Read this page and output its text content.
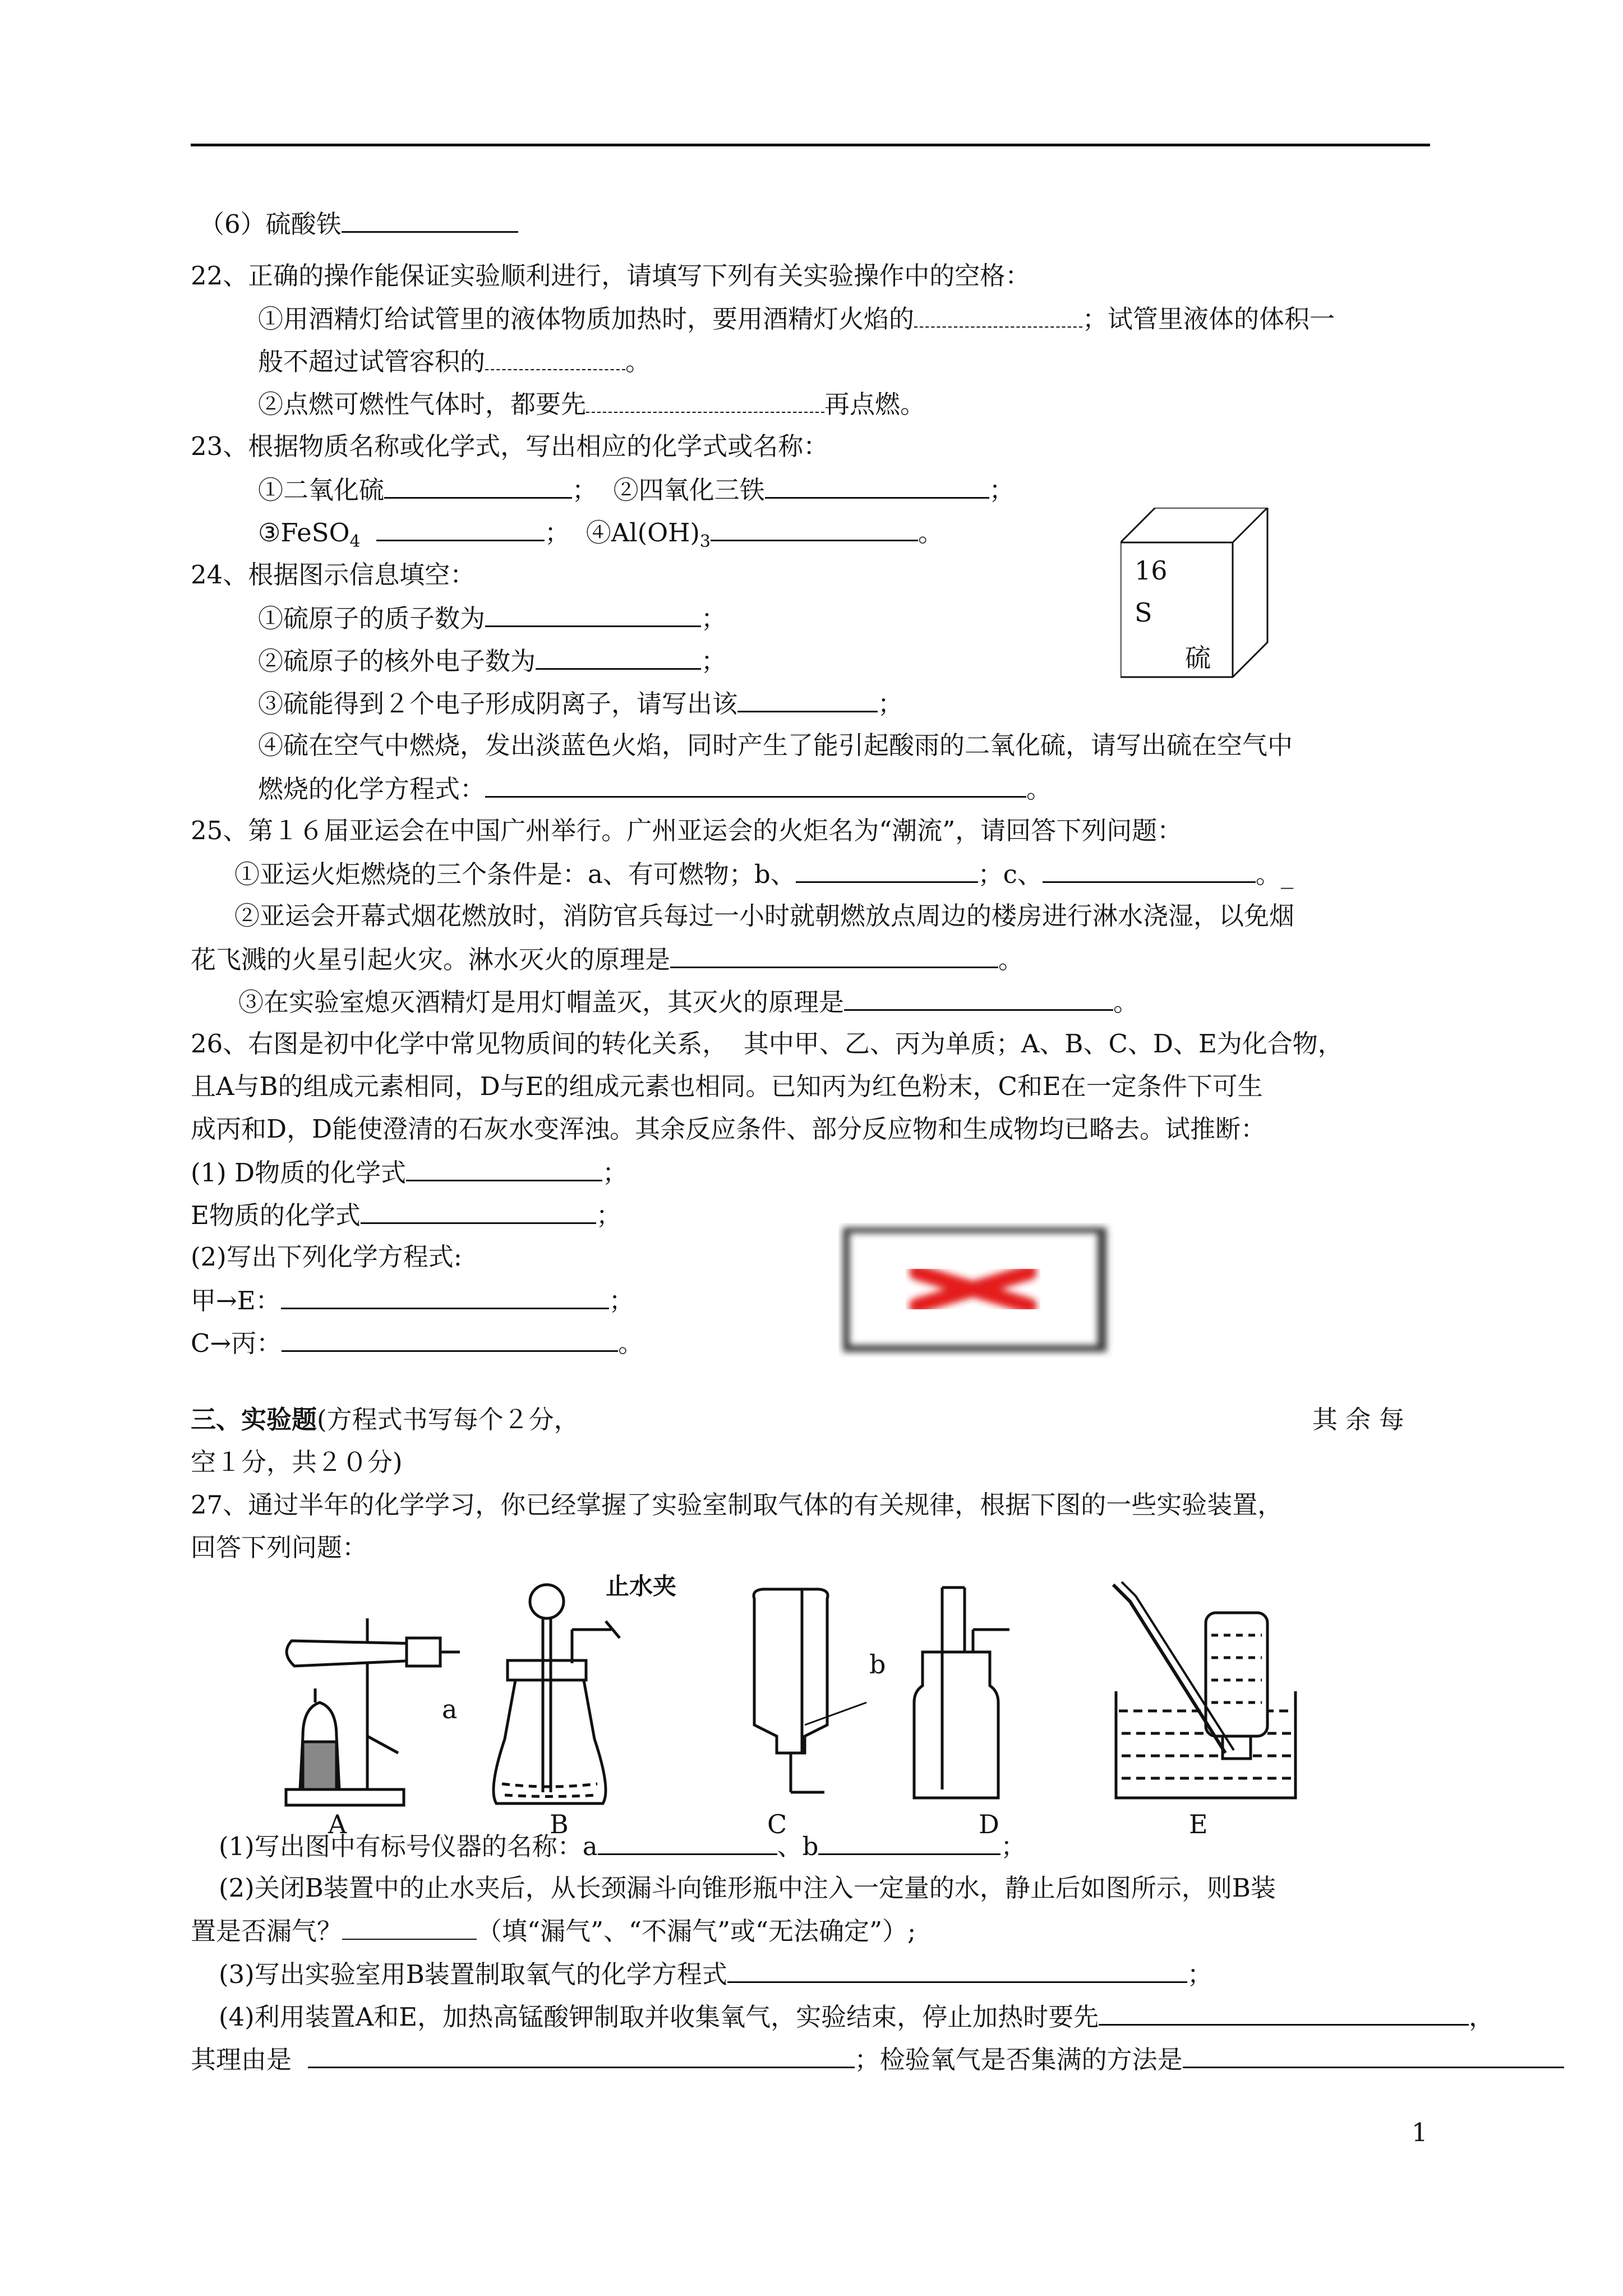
（6）硫酸铁
22、正确的操作能保证实验顺利进行，请填写下列有关实验操作中的空格：
①用酒精灯给试管里的液体物质加热时，要用酒精灯火焰的	；试管里液体的体积一
般不超过试管容积的	。
②点燃可燃性气体时，都要先	再点燃。
23、根据物质名称或化学式，写出相应的化学式或名称：
①二氧化硫	；  ②四氧化三铁	；
③FeSO$_4$	；  $④Al(OH)_3$	。
16
S
硫
24、根据图示信息填空：
①硫原子的质子数为	；
②硫原子的核外电子数为	；
③硫能得到２个电子形成阴离子，请写出该	；
④硫在空气中燃烧，发出淡蓝色火焰，同时产生了能引起酸雨的二氧化硫，请写出硫在空气中
燃烧的化学方程式：	。
25、第１６届亚运会在中国广州举行。广州亚运会的火炬名为“潮流”，请回答下列问题：
①亚运火炬燃烧的三个条件是：a、有可燃物；b、	；c、	。_
②亚运会开幕式烟花燃放时，消防官兵每过一小时就朝燃放点周边的楼房进行淋水浇湿，以免烟
花飞溅的火星引起火灾。淋水灭火的原理是	。
③在实验室熄灭酒精灯是用灯帽盖灭，其灭火的原理是	。
26、右图是初中化学中常见物质间的转化关系，  其中甲、乙、丙为单质；A、B、C、D、E为化合物，
且A与B的组成元素相同，D与E的组成元素也相同。已知丙为红色粉末，C和E在一定条件下可生
成丙和D，D能使澄清的石灰水变浑浊。其余反应条件、部分反应物和生成物均已略去。试推断：
(1) D物质的化学式	；
E物质的化学式	；
(2)写出下列化学方程式:
甲→E：	；
C→丙：	。
三、实验题(方程式书写每个２分，	其 余 每
空１分，共２０分)
27、通过半年的化学学习，你已经掌握了实验室制取气体的有关规律，根据下图的一些实验装置，
回答下列问题：
止水夹
a
b
A	B	C	D	E
(1)写出图中有标号仪器的名称：a	、b	；
(2)关闭B装置中的止水夹后，从长颈漏斗向锥形瓶中注入一定量的水，静止后如图所示，则B装
置是否漏气？	（填“漏气”、“不漏气”或“无法确定”）;
(3)写出实验室用B装置制取氧气的化学方程式	；
(4)利用装置A和E，加热高锰酸钾制取并收集氧气，实验结束，停止加热时要先	，
其理由是	；检验氧气是否集满的方法是
1
